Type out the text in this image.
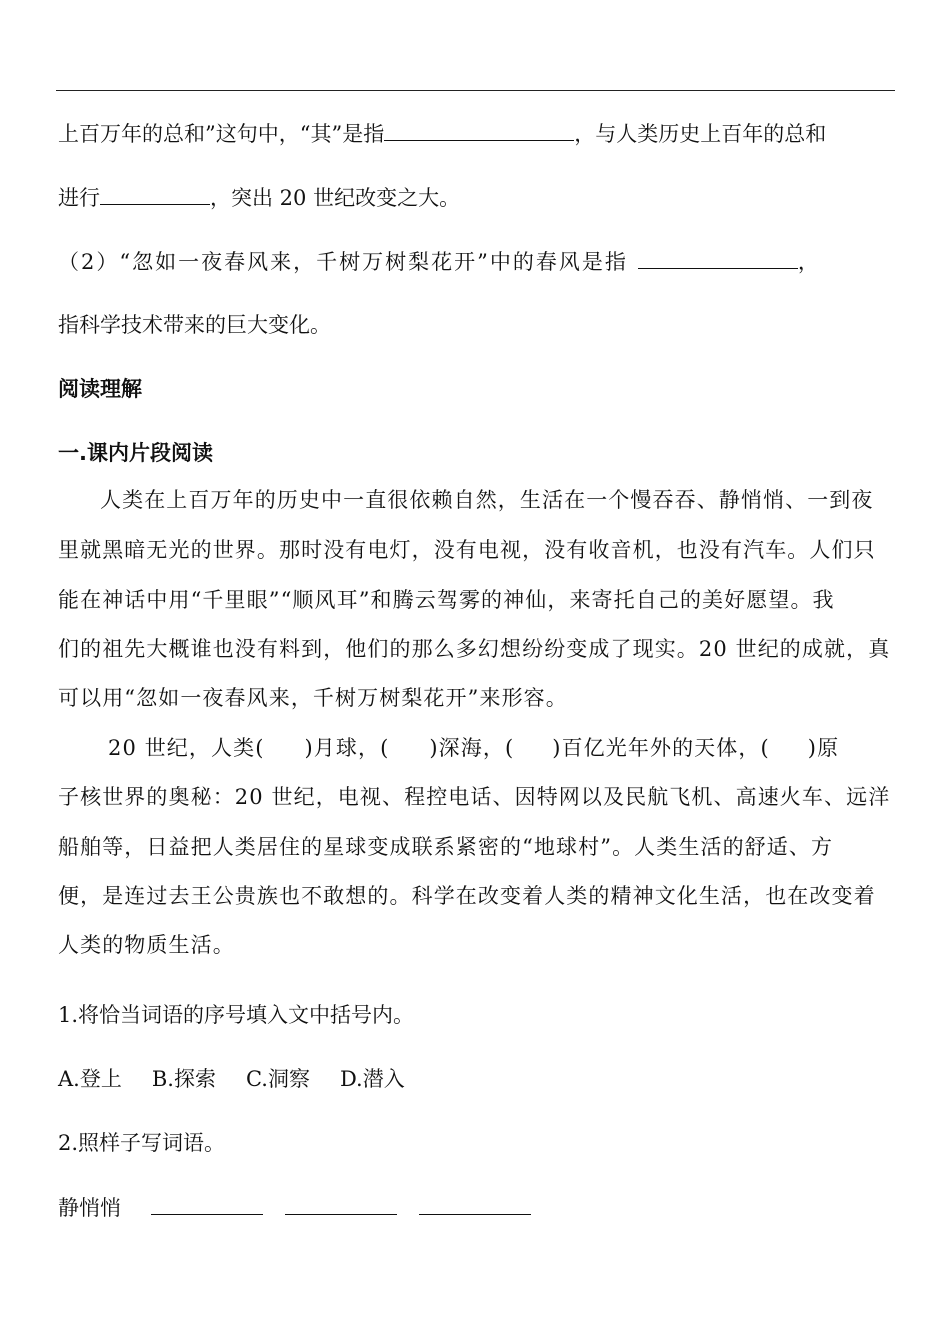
上百万年的总和”这句中，“其”是指	，与人类历史上百年的总和
进行	，突出 20 世纪改变之大。
（2）“忽如一夜春风来，千树万树梨花开”中的春风是指	，
指科学技术带来的巨大变化。
阅读理解
一.课内片段阅读
人类在上百万年的历史中一直很依赖自然，生活在一个慢吞吞、静悄悄、一到夜
里就黑暗无光的世界。那时没有电灯，没有电视，没有收音机，也没有汽车。人们只
能在神话中用“千里眼”“顺风耳”和腾云驾雾的神仙，来寄托自己的美好愿望。我
们的祖先大概谁也没有料到，他们的那么多幻想纷纷变成了现实。20 世纪的成就，真
可以用“忽如一夜春风来，千树万树梨花开”来形容。
20 世纪，人类( )月球，( )深海，( )百亿光年外的天体，( )原
子核世界的奥秘：20 世纪，电视、程控电话、因特网以及民航飞机、高速火车、远洋
船舶等，日益把人类居住的星球变成联系紧密的“地球村”。人类生活的舒适、方
便，是连过去王公贵族也不敢想的。科学在改变着人类的精神文化生活，也在改变着
人类的物质生活。
1.将恰当词语的序号填入文中括号内。
A.登上 B.探索 C.洞察 D.潜入
2.照样子写词语。
静悄悄
